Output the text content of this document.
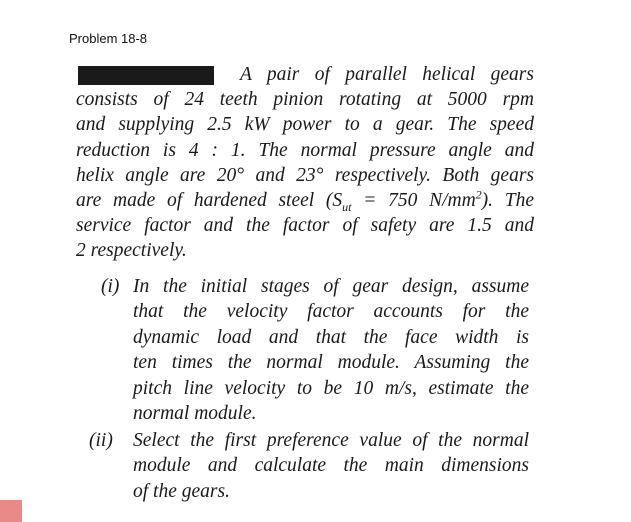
Problem 18-8
A pair of parallel helical gears
consists of 24 teeth pinion rotating at 5000 rpm
and supplying 2.5 kW power to a gear. The speed
reduction is 4 : 1. The normal pressure angle and
helix angle are 20° and 23° respectively. Both gears
are made of hardened steel ($S_{ut} = 750$ $N/mm^2$). The
service factor and the factor of safety are 1.5 and
2 respectively.
(i) In the initial stages of gear design, assume
that the velocity factor accounts for the
dynamic load and that the face width is
ten times the normal module. Assuming the
pitch line velocity to be 10 m/s, estimate the
normal module.
(ii) Select the first preference value of the normal
module and calculate the main dimensions
of the gears.
